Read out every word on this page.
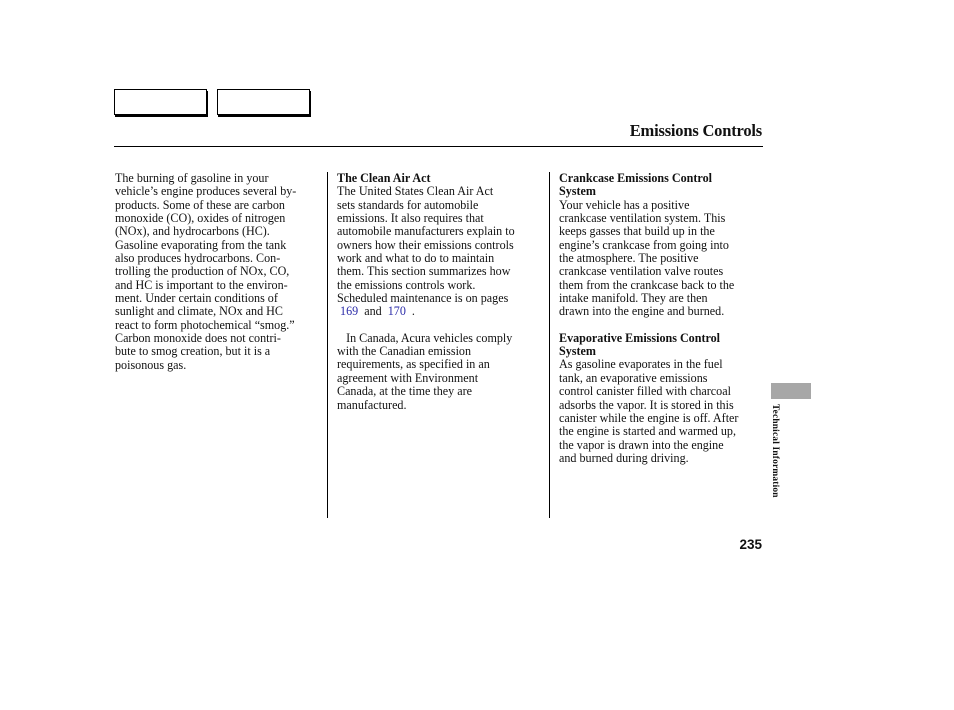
Emissions Controls

The burning of gasoline in your
vehicle’s engine produces several by-
products. Some of these are carbon
monoxide (CO), oxides of nitrogen
(NOx), and hydrocarbons (HC).
Gasoline evaporating from the tank
also produces hydrocarbons. Con-
trolling the production of NOx, CO,
and HC is important to the environ-
ment. Under certain conditions of
sunlight and climate, NOx and HC
react to form photochemical “smog.”
Carbon monoxide does not contri-
bute to smog creation, but it is a
poisonous gas.

The Clean Air Act

The United States Clean Air Act
sets standards for automobile
emissions. It also requires that
automobile manufacturers explain to
owners how their emissions controls
work and what to do to maintain
them. This section summarizes how
the emissions controls work.
Scheduled maintenance is on pages
169 and 170 .

In Canada, Acura vehicles comply
with the Canadian emission
requirements, as specified in an
agreement with Environment
Canada, at the time they are
manufactured.

Crankcase Emissions Control
System

Your vehicle has a positive
crankcase ventilation system. This
keeps gasses that build up in the
engine’s crankcase from going into
the atmosphere. The positive
crankcase ventilation valve routes
them from the crankcase back to the
intake manifold. They are then
drawn into the engine and burned.

Evaporative Emissions Control
System

As gasoline evaporates in the fuel
tank, an evaporative emissions
control canister filled with charcoal
adsorbs the vapor. It is stored in this
canister while the engine is off. After
the engine is started and warmed up,
the vapor is drawn into the engine
and burned during driving.	Technical Information
235
